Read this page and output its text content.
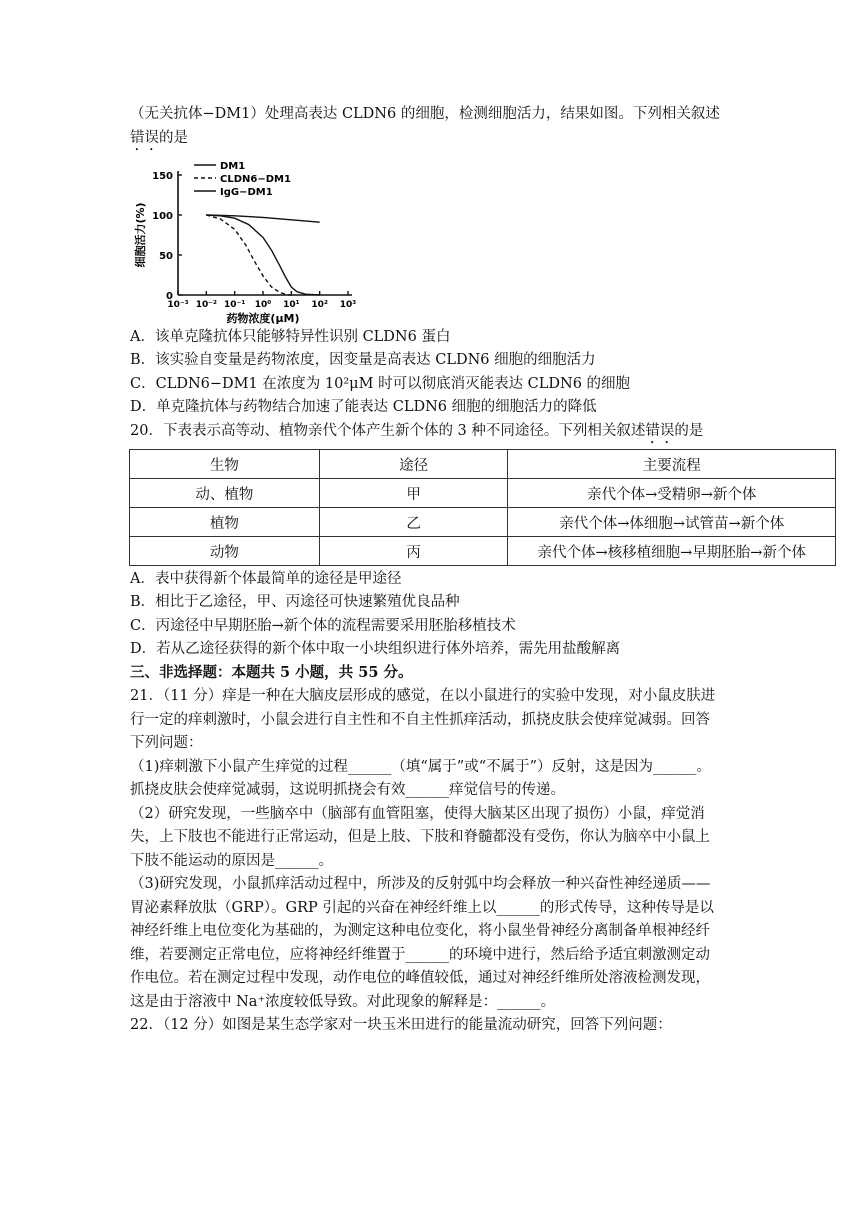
（无关抗体−DM1）处理高表达 CLDN6 的细胞，检测细胞活力，结果如图。下列相关叙述
错误的是
0
50
100
150
10⁻³ 10⁻² 10⁻¹ 10⁰ 10¹ 10² 10³
药物浓度(μM)
细胞活力(%)
DM1
CLDN6−DM1
IgG−DM1
A．该单克隆抗体只能够特异性识别 CLDN6 蛋白
B．该实验自变量是药物浓度，因变量是高表达 CLDN6 细胞的细胞活力
C．CLDN6−DM1 在浓度为 10²μM 时可以彻底消灭能表达 CLDN6 的细胞
D．单克隆抗体与药物结合加速了能表达 CLDN6 细胞的细胞活力的降低
20．下表表示高等动、植物亲代个体产生新个体的 3 种不同途径。下列相关叙述错误的是
生物	途径	主要流程
动、植物	甲	亲代个体→受精卵→新个体
植物	乙	亲代个体→体细胞→试管苗→新个体
动物	丙	亲代个体→核移植细胞→早期胚胎→新个体
A．表中获得新个体最简单的途径是甲途径
B．相比于乙途径，甲、丙途径可快速繁殖优良品种
C．丙途径中早期胚胎→新个体的流程需要采用胚胎移植技术
D．若从乙途径获得的新个体中取一小块组织进行体外培养，需先用盐酸解离
三、非选择题：本题共 5 小题，共 55 分。
21．（11 分）痒是一种在大脑皮层形成的感觉，在以小鼠进行的实验中发现，对小鼠皮肤进
行一定的痒刺激时，小鼠会进行自主性和不自主性抓痒活动，抓挠皮肤会使痒觉减弱。回答
下列问题：
（1)痒刺激下小鼠产生痒觉的过程______（填“属于”或“不属于”）反射，这是因为______。
抓挠皮肤会使痒觉减弱，这说明抓挠会有效______痒觉信号的传递。
（2）研究发现，一些脑卒中（脑部有血管阻塞，使得大脑某区出现了损伤）小鼠，痒觉消
失，上下肢也不能进行正常运动，但是上肢、下肢和脊髓都没有受伤，你认为脑卒中小鼠上
下肢不能运动的原因是______。
（3)研究发现，小鼠抓痒活动过程中，所涉及的反射弧中均会释放一种兴奋性神经递质——
胃泌素释放肽（GRP）。GRP 引起的兴奋在神经纤维上以______的形式传导，这种传导是以
神经纤维上电位变化为基础的，为测定这种电位变化，将小鼠坐骨神经分离制备单根神经纤
维，若要测定正常电位，应将神经纤维置于______的环境中进行，然后给予适宜刺激测定动
作电位。若在测定过程中发现，动作电位的峰值较低，通过对神经纤维所处溶液检测发现，
这是由于溶液中 Na⁺浓度较低导致。对此现象的解释是：______。
22．（12 分）如图是某生态学家对一块玉米田进行的能量流动研究，回答下列问题：
